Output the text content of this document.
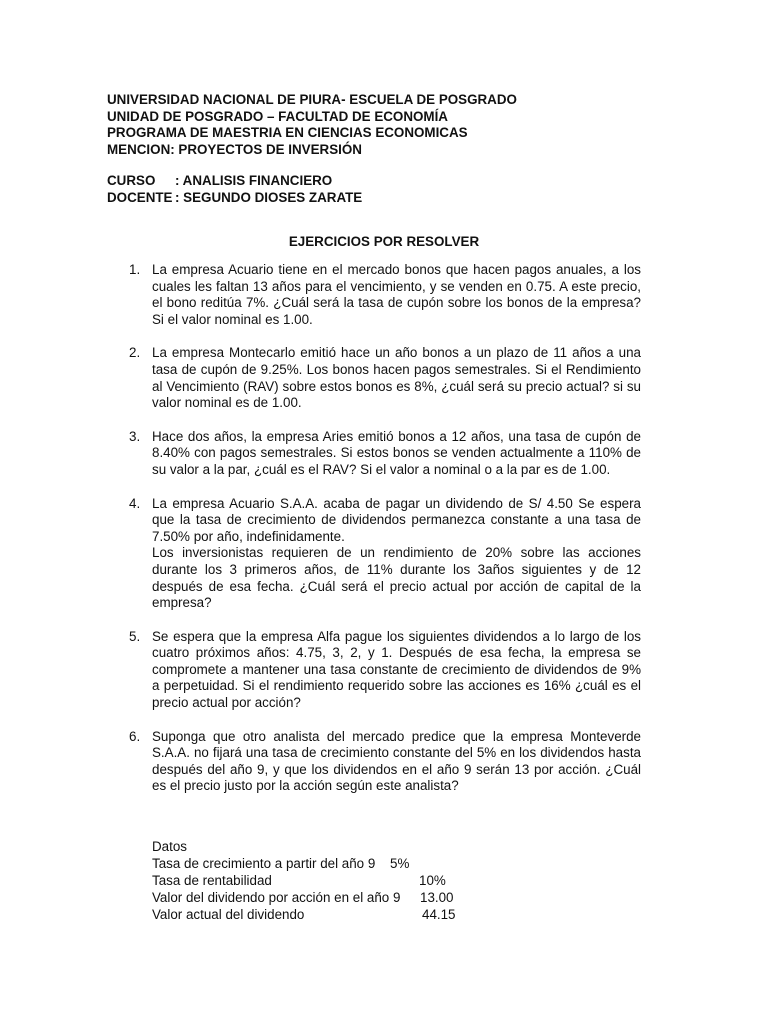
UNIVERSIDAD NACIONAL DE PIURA- ESCUELA DE POSGRADO
UNIDAD DE POSGRADO – FACULTAD DE ECONOMÍA
PROGRAMA DE MAESTRIA EN CIENCIAS ECONOMICAS
MENCION: PROYECTOS DE INVERSIÓN
CURSO	: ANALISIS FINANCIERO
DOCENTE : SEGUNDO DIOSES ZARATE
EJERCICIOS POR RESOLVER
1. La empresa Acuario tiene en el mercado bonos que hacen pagos anuales, a los cuales les faltan 13 años para el vencimiento, y se venden en 0.75. A este precio, el bono reditúa 7%. ¿Cuál será la tasa de cupón sobre los bonos de la empresa? Si el valor nominal es 1.00.

2. La empresa Montecarlo emitió hace un año bonos a un plazo de 11 años a una tasa de cupón de 9.25%. Los bonos hacen pagos semestrales. Si el Rendimiento al Vencimiento (RAV) sobre estos bonos es 8%, ¿cuál será su precio actual? si su valor nominal es de 1.00.

3. Hace dos años, la empresa Aries emitió bonos a 12 años, una tasa de cupón de 8.40% con pagos semestrales. Si estos bonos se venden actualmente a 110% de su valor a la par, ¿cuál es el RAV? Si el valor a nominal o a la par es de 1.00.

4. La empresa Acuario S.A.A. acaba de pagar un dividendo de S/ 4.50 Se espera que la tasa de crecimiento de dividendos permanezca constante a una tasa de 7.50% por año, indefinidamente.

Los inversionistas requieren de un rendimiento de 20% sobre las acciones durante los 3 primeros años, de 11% durante los 3años siguientes y de 12 después de esa fecha. ¿Cuál será el precio actual por acción de capital de la empresa?

5. Se espera que la empresa Alfa pague los siguientes dividendos a lo largo de los cuatro próximos años: 4.75, 3, 2, y 1. Después de esa fecha, la empresa se compromete a mantener una tasa constante de crecimiento de dividendos de 9% a perpetuidad. Si el rendimiento requerido sobre las acciones es 16% ¿cuál es el precio actual por acción?

6. Suponga que otro analista del mercado predice que la empresa Monteverde S.A.A. no fijará una tasa de crecimiento constante del 5% en los dividendos hasta después del año 9, y que los dividendos en el año 9 serán 13 por acción. ¿Cuál es el precio justo por la acción según este analista?

Datos
Tasa de crecimiento a partir del año 9 5%
Tasa de rentabilidad	10%
Valor del dividendo por acción en el año 9 13.00
Valor actual del dividendo	44.15
